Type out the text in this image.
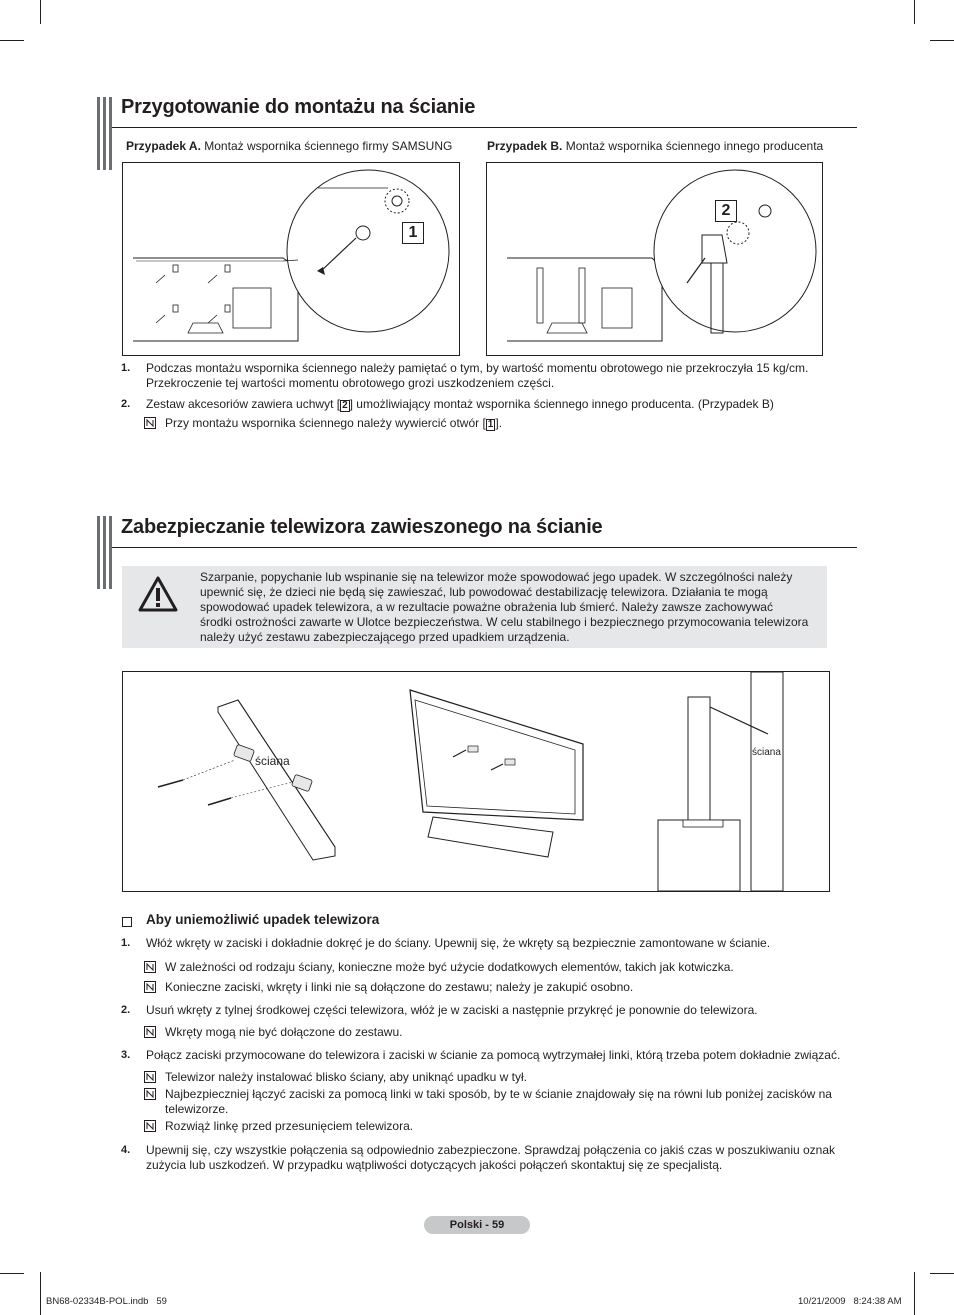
Przygotowanie do montażu na ścianie
Przypadek A. Montaż wspornika ściennego firmy SAMSUNG	Przypadek B. Montaż wspornika ściennego innego producenta
1
2
1. Podczas montażu wspornika ściennego należy pamiętać o tym, by wartość momentu obrotowego nie przekroczyła 15 kg/cm.
Przekroczenie tej wartości momentu obrotowego grozi uszkodzeniem części.
2. Zestaw akcesoriów zawiera uchwyt [ 2 ] umożliwiający montaż wspornika ściennego innego producenta. (Przypadek B)
Przy montażu wspornika ściennego należy wywiercić otwór [ 1 ].
Zabezpieczanie telewizora zawieszonego na ścianie
Szarpanie, popychanie lub wspinanie się na telewizor może spowodować jego upadek. W szczególności należy
upewnić się, że dzieci nie będą się zawieszać, lub powodować destabilizację telewizora. Działania te mogą
spowodować upadek telewizora, a w rezultacie poważne obrażenia lub śmierć. Należy zawsze zachowywać
środki ostrożności zawarte w Ulotce bezpieczeństwa. W celu stabilnego i bezpiecznego przymocowania telewizora
należy użyć zestawu zabezpieczającego przed upadkiem urządzenia.
ściana
ściana
Aby uniemożliwić upadek telewizora
1. Włóż wkręty w zaciski i dokładnie dokręć je do ściany. Upewnij się, że wkręty są bezpiecznie zamontowane w ścianie.
W zależności od rodzaju ściany, konieczne może być użycie dodatkowych elementów, takich jak kotwiczka.
Konieczne zaciski, wkręty i linki nie są dołączone do zestawu; należy je zakupić osobno.
2. Usuń wkręty z tylnej środkowej części telewizora, włóż je w zaciski a następnie przykręć je ponownie do telewizora.
Wkręty mogą nie być dołączone do zestawu.
3. Połącz zaciski przymocowane do telewizora i zaciski w ścianie za pomocą wytrzymałej linki, którą trzeba potem dokładnie związać.
Telewizor należy instalować blisko ściany, aby uniknąć upadku w tył.
Najbezpieczniej łączyć zaciski za pomocą linki w taki sposób, by te w ścianie znajdowały się na równi lub poniżej zacisków na
telewizorze.
Rozwiąż linkę przed przesunięciem telewizora.
4. Upewnij się, czy wszystkie połączenia są odpowiednio zabezpieczone. Sprawdzaj połączenia co jakiś czas w poszukiwaniu oznak
zużycia lub uszkodzeń. W przypadku wątpliwości dotyczących jakości połączeń skontaktuj się ze specjalistą.
Polski - 59
BN68-02334B-POL.indb   59	10/21/2009   8:24:38 AM
